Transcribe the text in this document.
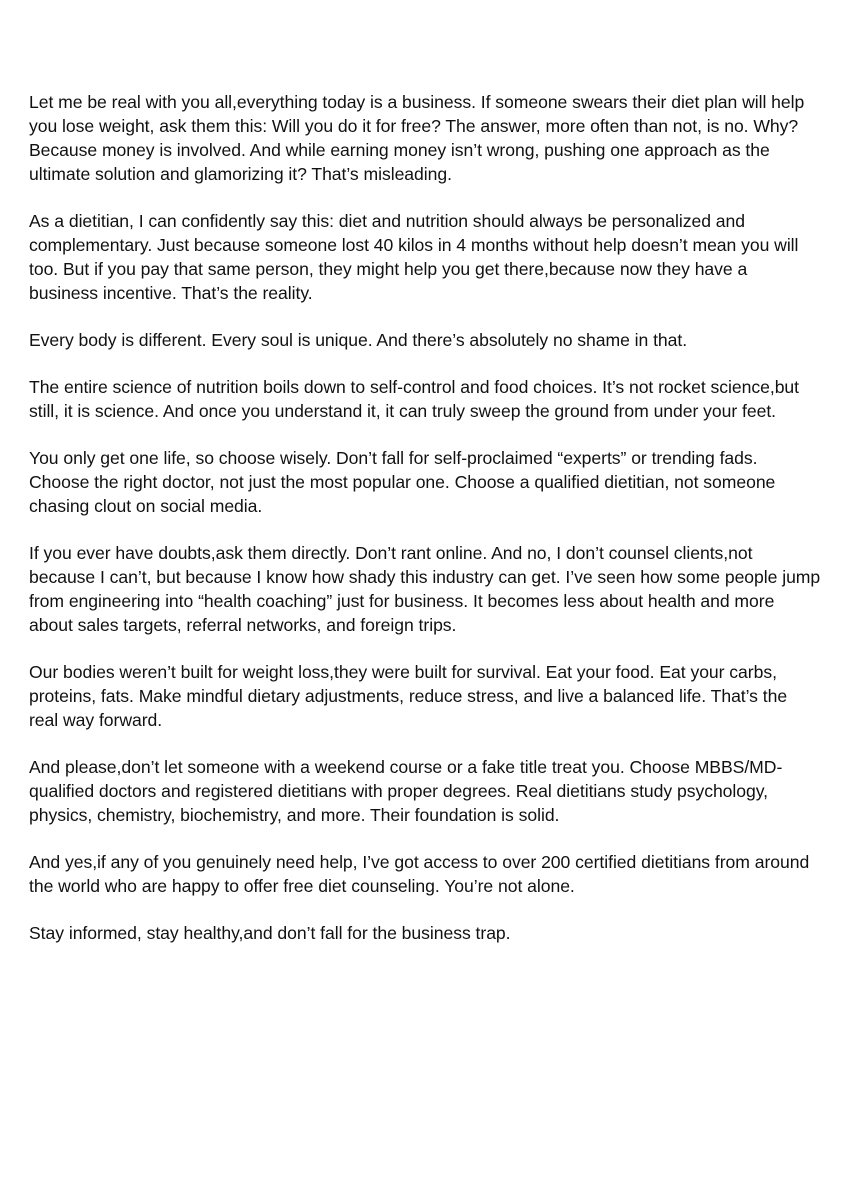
Let me be real with you all,everything today is a business. If someone swears their diet plan will help you lose weight, ask them this: Will you do it for free? The answer, more often than not, is no. Why? Because money is involved. And while earning money isn’t wrong, pushing one approach as the ultimate solution and glamorizing it? That’s misleading.

As a dietitian, I can confidently say this: diet and nutrition should always be personalized and complementary. Just because someone lost 40 kilos in 4 months without help doesn’t mean you will too. But if you pay that same person, they might help you get there,because now they have a business incentive. That’s the reality.

Every body is different. Every soul is unique. And there’s absolutely no shame in that.

The entire science of nutrition boils down to self-control and food choices. It’s not rocket science,but still, it is science. And once you understand it, it can truly sweep the ground from under your feet.

You only get one life, so choose wisely. Don’t fall for self-proclaimed “experts” or trending fads. Choose the right doctor, not just the most popular one. Choose a qualified dietitian, not someone chasing clout on social media.

If you ever have doubts,ask them directly. Don’t rant online. And no, I don’t counsel clients,not because I can’t, but because I know how shady this industry can get. I’ve seen how some people jump from engineering into “health coaching” just for business. It becomes less about health and more about sales targets, referral networks, and foreign trips.

Our bodies weren’t built for weight loss,they were built for survival. Eat your food. Eat your carbs, proteins, fats. Make mindful dietary adjustments, reduce stress, and live a balanced life. That’s the real way forward.

And please,don’t let someone with a weekend course or a fake title treat you. Choose MBBS/MD-qualified doctors and registered dietitians with proper degrees. Real dietitians study psychology, physics, chemistry, biochemistry, and more. Their foundation is solid.

And yes,if any of you genuinely need help, I’ve got access to over 200 certified dietitians from around the world who are happy to offer free diet counseling. You’re not alone.

Stay informed, stay healthy,and don’t fall for the business trap.
